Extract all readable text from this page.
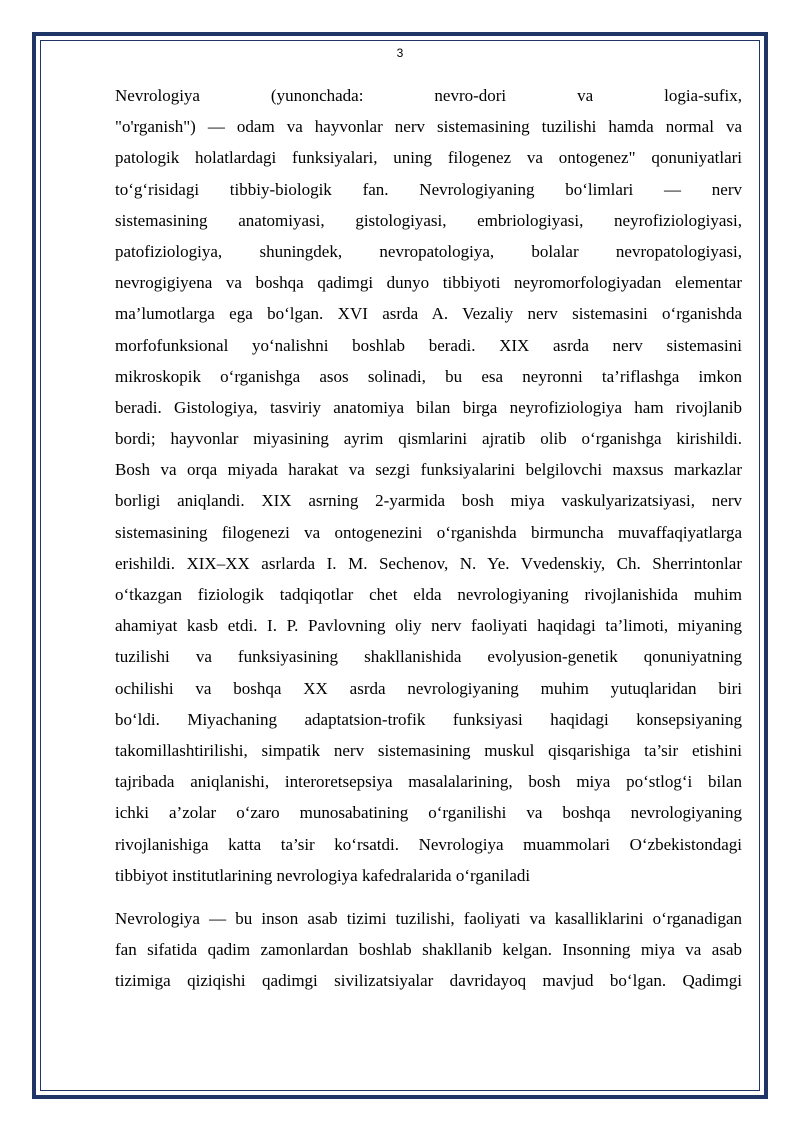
3
Nevrologiya (yunonchada: nevro-dori va logia-sufix,
"o'rganish") — odam va hayvonlar nerv sistemasining tuzilishi hamda normal va
patologik holatlardagi funksiyalari, uning filogenez va ontogenez" qonuniyatlari
to‘g‘risidagi tibbiy-biologik fan. Nevrologiyaning bo‘limlari — nerv
sistemasining anatomiyasi, gistologiyasi, embriologiyasi, neyrofiziologiyasi,
patofiziologiya, shuningdek, nevropatologiya, bolalar nevropatologiyasi,
nevrogigiyena va boshqa qadimgi dunyo tibbiyoti neyromorfologiyadan elementar
ma’lumotlarga ega bo‘lgan. XVI asrda A. Vezaliy nerv sistemasini o‘rganishda
morfofunksional yo‘nalishni boshlab beradi. XIX asrda nerv sistemasini
mikroskopik o‘rganishga asos solinadi, bu esa neyronni ta’riflashga imkon
beradi. Gistologiya, tasviriy anatomiya bilan birga neyrofiziologiya ham rivojlanib
bordi; hayvonlar miyasining ayrim qismlarini ajratib olib o‘rganishga kirishildi.
Bosh va orqa miyada harakat va sezgi funksiyalarini belgilovchi maxsus markazlar
borligi aniqlandi. XIX asrning 2-yarmida bosh miya vaskulyarizatsiyasi, nerv
sistemasining filogenezi va ontogenezini o‘rganishda birmuncha muvaffaqiyatlarga
erishildi. XIX–XX asrlarda I. M. Sechenov, N. Ye. Vvedenskiy, Ch. Sherrintonlar
o‘tkazgan fiziologik tadqiqotlar chet elda nevrologiyaning rivojlanishida muhim
ahamiyat kasb etdi. I. P. Pavlovning oliy nerv faoliyati haqidagi ta’limoti, miyaning
tuzilishi va funksiyasining shakllanishida evolyusion-genetik qonuniyatning
ochilishi va boshqa XX asrda nevrologiyaning muhim yutuqlaridan biri
bo‘ldi. Miyachaning adaptatsion-trofik funksiyasi haqidagi konsepsiyaning
takomillashtirilishi, simpatik nerv sistemasining muskul qisqarishiga ta’sir etishini
tajribada aniqlanishi, interoretsepsiya masalalarining, bosh miya po‘stlog‘i bilan
ichki a’zolar o‘zaro munosabatining o‘rganilishi va boshqa nevrologiyaning
rivojlanishiga katta ta’sir ko‘rsatdi. Nevrologiya muammolari O‘zbekistondagi
tibbiyot institutlarining nevrologiya kafedralarida o‘rganiladi
Nevrologiya — bu inson asab tizimi tuzilishi, faoliyati va kasalliklarini o‘rganadigan
fan sifatida qadim zamonlardan boshlab shakllanib kelgan. Insonning miya va asab
tizimiga qiziqishi qadimgi sivilizatsiyalar davridayoq mavjud bo‘lgan. Qadimgi
